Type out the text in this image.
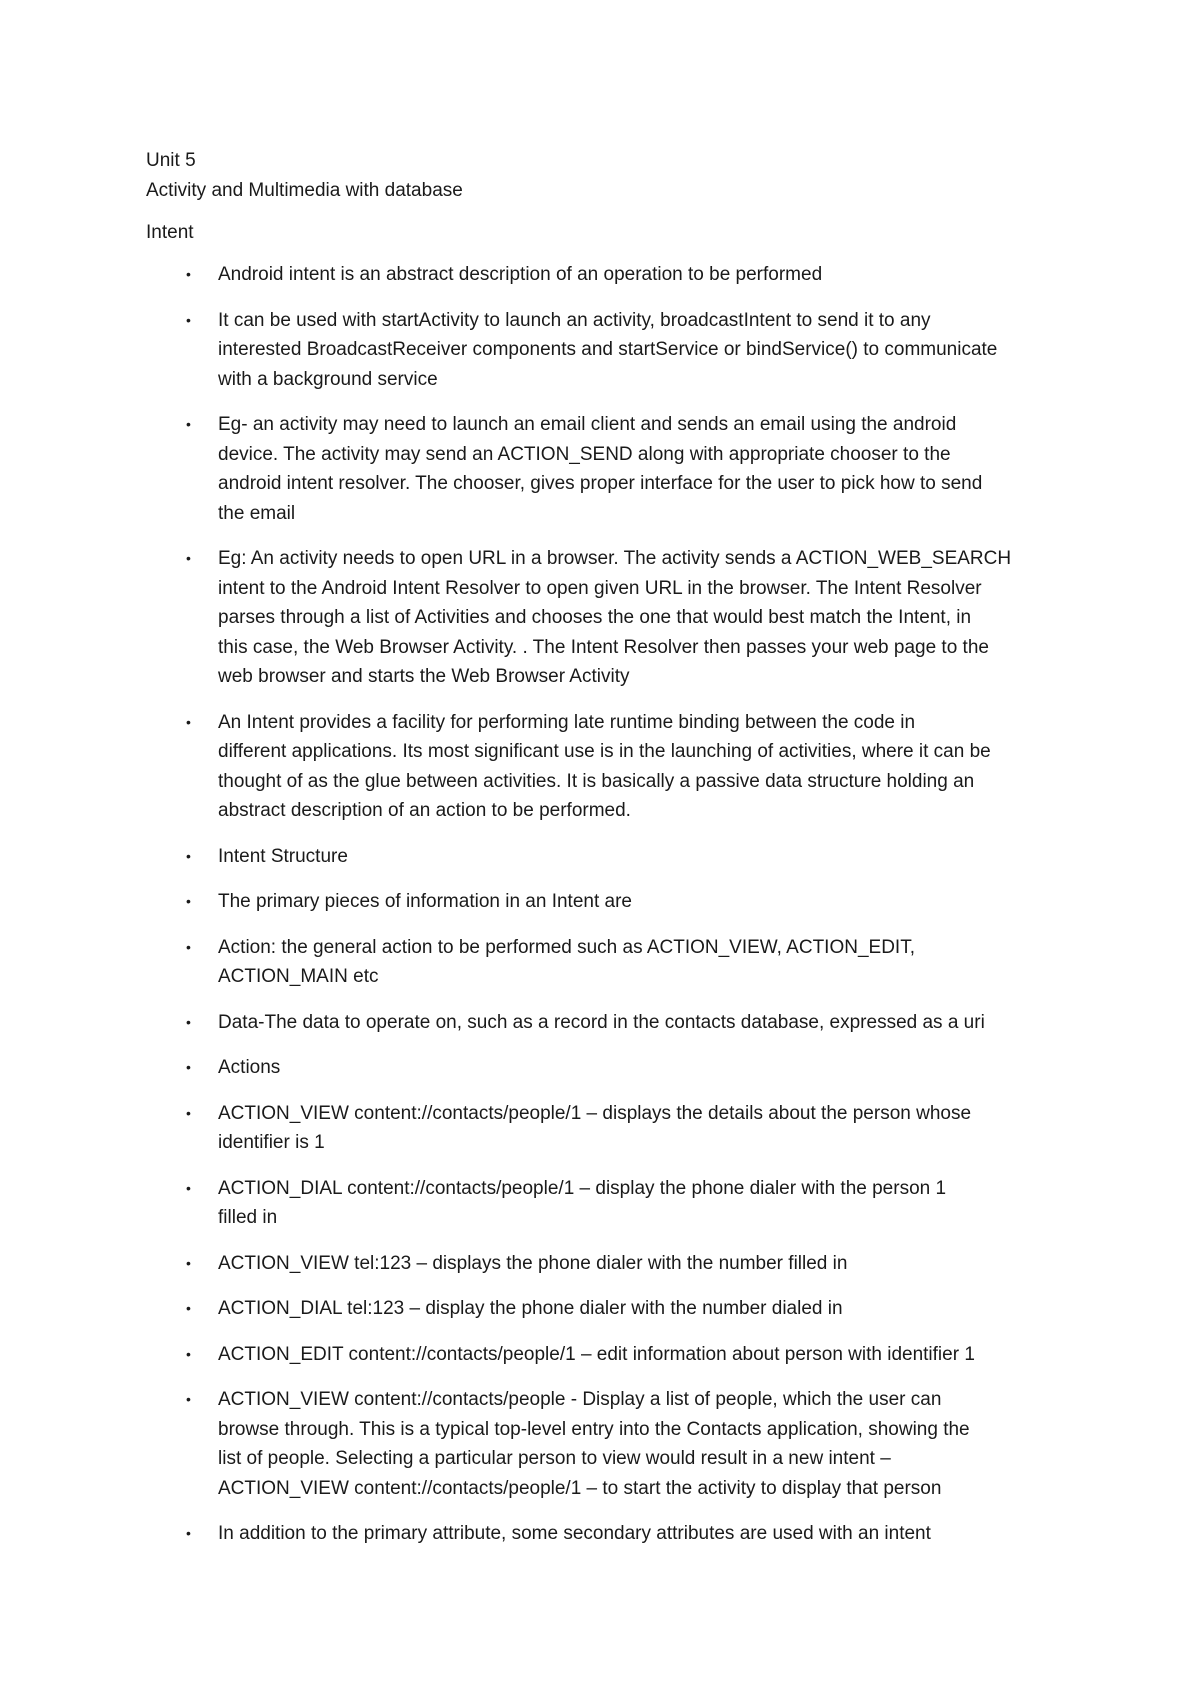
Unit 5

Activity and Multimedia with database

Intent

• Android intent is an abstract description of an operation to be performed
• It can be used with startActivity to launch an activity, broadcastIntent to send it to any
interested BroadcastReceiver components and startService or bindService() to communicate
with a background service
• Eg- an activity may need to launch an email client and sends an email using the android
device. The activity may send an ACTION_SEND along with appropriate chooser to the
android intent resolver. The chooser, gives proper interface for the user to pick how to send
the email
• Eg: An activity needs to open URL in a browser. The activity sends a ACTION_WEB_SEARCH
intent to the Android Intent Resolver to open given URL in the browser. The Intent Resolver
parses through a list of Activities and chooses the one that would best match the Intent, in
this case, the Web Browser Activity. . The Intent Resolver then passes your web page to the
web browser and starts the Web Browser Activity
• An Intent provides a facility for performing late runtime binding between the code in
different applications. Its most significant use is in the launching of activities, where it can be
thought of as the glue between activities. It is basically a passive data structure holding an
abstract description of an action to be performed.
• Intent Structure
• The primary pieces of information in an Intent are
• Action: the general action to be performed such as ACTION_VIEW, ACTION_EDIT,
ACTION_MAIN etc
• Data-The data to operate on, such as a record in the contacts database, expressed as a uri
• Actions
• ACTION_VIEW content://contacts/people/1 – displays the details about the person whose
identifier is 1
• ACTION_DIAL content://contacts/people/1 – display the phone dialer with the person 1
filled in
• ACTION_VIEW tel:123 – displays the phone dialer with the number filled in
• ACTION_DIAL tel:123 – display the phone dialer with the number dialed in
• ACTION_EDIT content://contacts/people/1 – edit information about person with identifier 1
• ACTION_VIEW content://contacts/people - Display a list of people, which the user can
browse through. This is a typical top-level entry into the Contacts application, showing the
list of people. Selecting a particular person to view would result in a new intent –
ACTION_VIEW content://contacts/people/1 – to start the activity to display that person
• In addition to the primary attribute, some secondary attributes are used with an intent
